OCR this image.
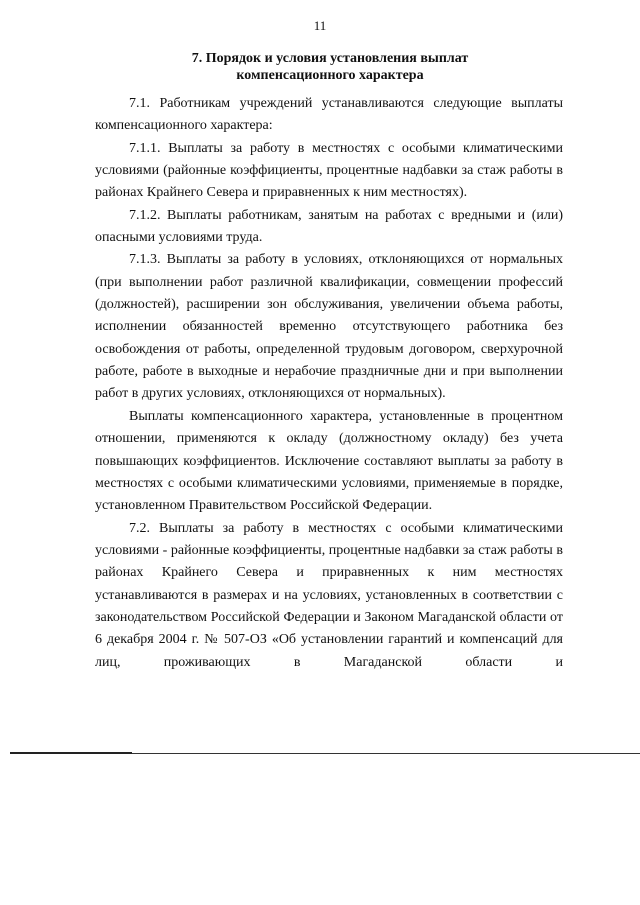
11
7. Порядок и условия установления выплат
компенсационного характера

7.1. Работникам учреждений устанавливаются следующие выплаты компенсационного характера:

7.1.1. Выплаты за работу в местностях с особыми климатическими условиями (районные коэффициенты, процентные надбавки за стаж работы в районах Крайнего Севера и приравненных к ним местностях).

7.1.2. Выплаты работникам, занятым на работах с вредными и (или) опасными условиями труда.

7.1.3. Выплаты за работу в условиях, отклоняющихся от нормальных (при выполнении работ различной квалификации, совмещении профессий (должностей), расширении зон обслуживания, увеличении объема работы, исполнении обязанностей временно отсутствующего работника без освобождения от работы, определенной трудовым договором, сверхурочной работе, работе в выходные и нерабочие праздничные дни и при выполнении работ в других условиях, отклоняющихся от нормальных).

Выплаты компенсационного характера, установленные в процентном отношении, применяются к окладу (должностному окладу) без учета повышающих коэффициентов. Исключение составляют выплаты за работу в местностях с особыми климатическими условиями, применяемые в порядке, установленном Правительством Российской Федерации.

7.2. Выплаты за работу в местностях с особыми климатическими условиями - районные коэффициенты, процентные надбавки за стаж работы в районах Крайнего Севера и приравненных к ним местностях устанавливаются в размерах и на условиях, установленных в соответствии с законодательством Российской Федерации и Законом Магаданской области от 6 декабря 2004 г. № 507-ОЗ «Об установлении гарантий и компенсаций для лиц, проживающих в Магаданской области и
